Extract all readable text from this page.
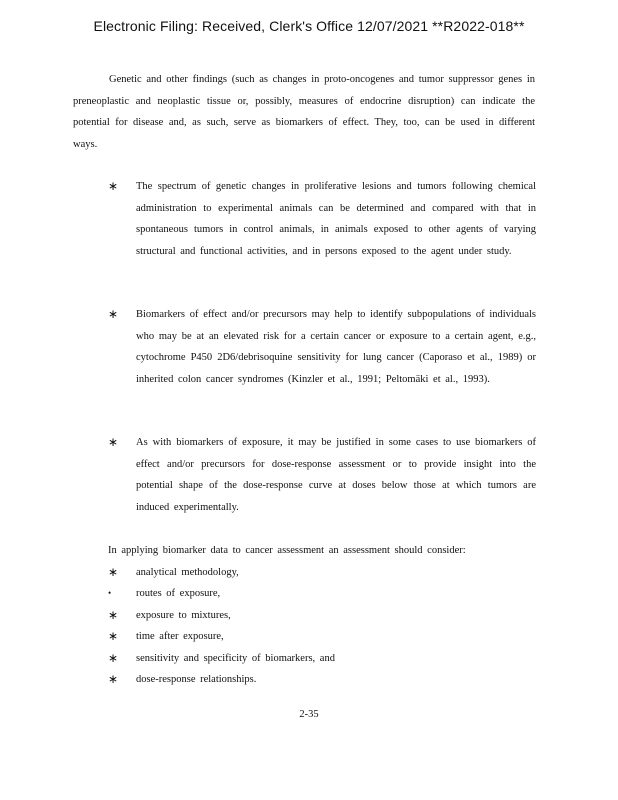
Electronic Filing: Received, Clerk's Office 12/07/2021 **R2022-018**

Genetic and other findings (such as changes in proto-oncogenes and tumor suppressor genes in preneoplastic and neoplastic tissue or, possibly, measures of endocrine disruption) can indicate the potential for disease and, as such, serve as biomarkers of effect. They, too, can be used in different ways.

∗	The spectrum of genetic changes in proliferative lesions and tumors following chemical administration to experimental animals can be determined and compared with that in spontaneous tumors in control animals, in animals exposed to other agents of varying structural and functional activities, and in persons exposed to the agent under study.
∗	Biomarkers of effect and/or precursors may help to identify subpopulations of individuals who may be at an elevated risk for a certain cancer or exposure to a certain agent, e.g., cytochrome P450 2D6/debrisoquine sensitivity for lung cancer (Caporaso et al., 1989) or inherited colon cancer syndromes (Kinzler et al., 1991; Peltomäki et al., 1993).
∗	As with biomarkers of exposure, it may be justified in some cases to use biomarkers of effect and/or precursors for dose-response assessment or to provide insight into the potential shape of the dose-response curve at doses below those at which tumors are induced experimentally.
In applying biomarker data to cancer assessment an assessment should consider:
∗ analytical methodology,
• routes of exposure,
∗ exposure to mixtures,
∗ time after exposure,
∗ sensitivity and specificity of biomarkers, and
∗ dose-response relationships.
2-35
